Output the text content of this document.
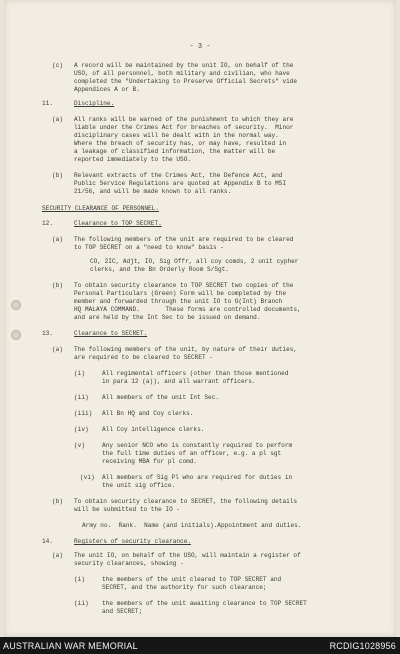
- 3 -
(c) A record will be maintained by the unit IO, on behalf of the
USO, of all personnel, both military and civilian, who have
completed the "Undertaking to Preserve Official Secrets" vide
Appendices A or B.
11.	Discipline.
(a) All ranks will be warned of the punishment to which they are
liable under the Crimes Act for breaches of security.  Minor
disciplinary cases will be dealt with in the normal way.
Where the breach of security has, or may have, resulted in
a leakage of classified information, the matter will be
reported immediately to the USO.
(b) Relevant extracts of the Crimes Act, the Defence Act, and
Public Service Regulations are quoted at Appendix B to MSI
21/56, and will be made known to all ranks.
SECURITY CLEARANCE OF PERSONNEL.
12.	Clearance to TOP SECRET.
(a) The following members of the unit are required to be cleared
to TOP SECRET on a "need to know" basis -
CO, 2IC, Adjt, IO, Sig Offr, all coy comds, 2 unit cypher
clerks, and the Bn Orderly Room S/Sgt.
(b) To obtain security clearance to TOP SECRET two copies of the
Personal Particulars (Green) Form will be completed by the
member and forwarded through the unit IO to G(Int) Branch
HQ MALAYA COMMAND.       These forms are controlled documents,
and are held by the Int Sec to be issued on demand.
13.	Clearance to SECRET.
(a) The following members of the unit, by nature of their duties,
are required to be cleared to SECRET -
(i)	All regimental officers (other than those mentioned
in para 12 (a)), and all warrant officers.
(ii) All members of the unit Int Sec.
(iii) All Bn HQ and Coy clerks.
(iv) All Coy intelligence clerks.
(v)	Any senior NCO who is constantly required to perform
the full time duties of an officer, e.g. a pl sgt
receiving MBA for pl comd.
(vi) All members of Sig Pl who are required for duties in
the unit sig office.
(b) To obtain security clearance to SECRET, the following details
will be submitted to the IO -
Army no.  Rank.  Name (and initials).Appointment and duties.
14.	Registers of security clearance.
(a) The unit IO, on behalf of the USO, will maintain a register of
security clearances, showing -
(i)	the members of the unit cleared to TOP SECRET and
SECRET, and the authority for such clearance;
(ii) the members of the unit awaiting clearance to TOP SECRET
and SECRET;
AUSTRALIAN WAR MEMORIAL	RCDIG1028956
